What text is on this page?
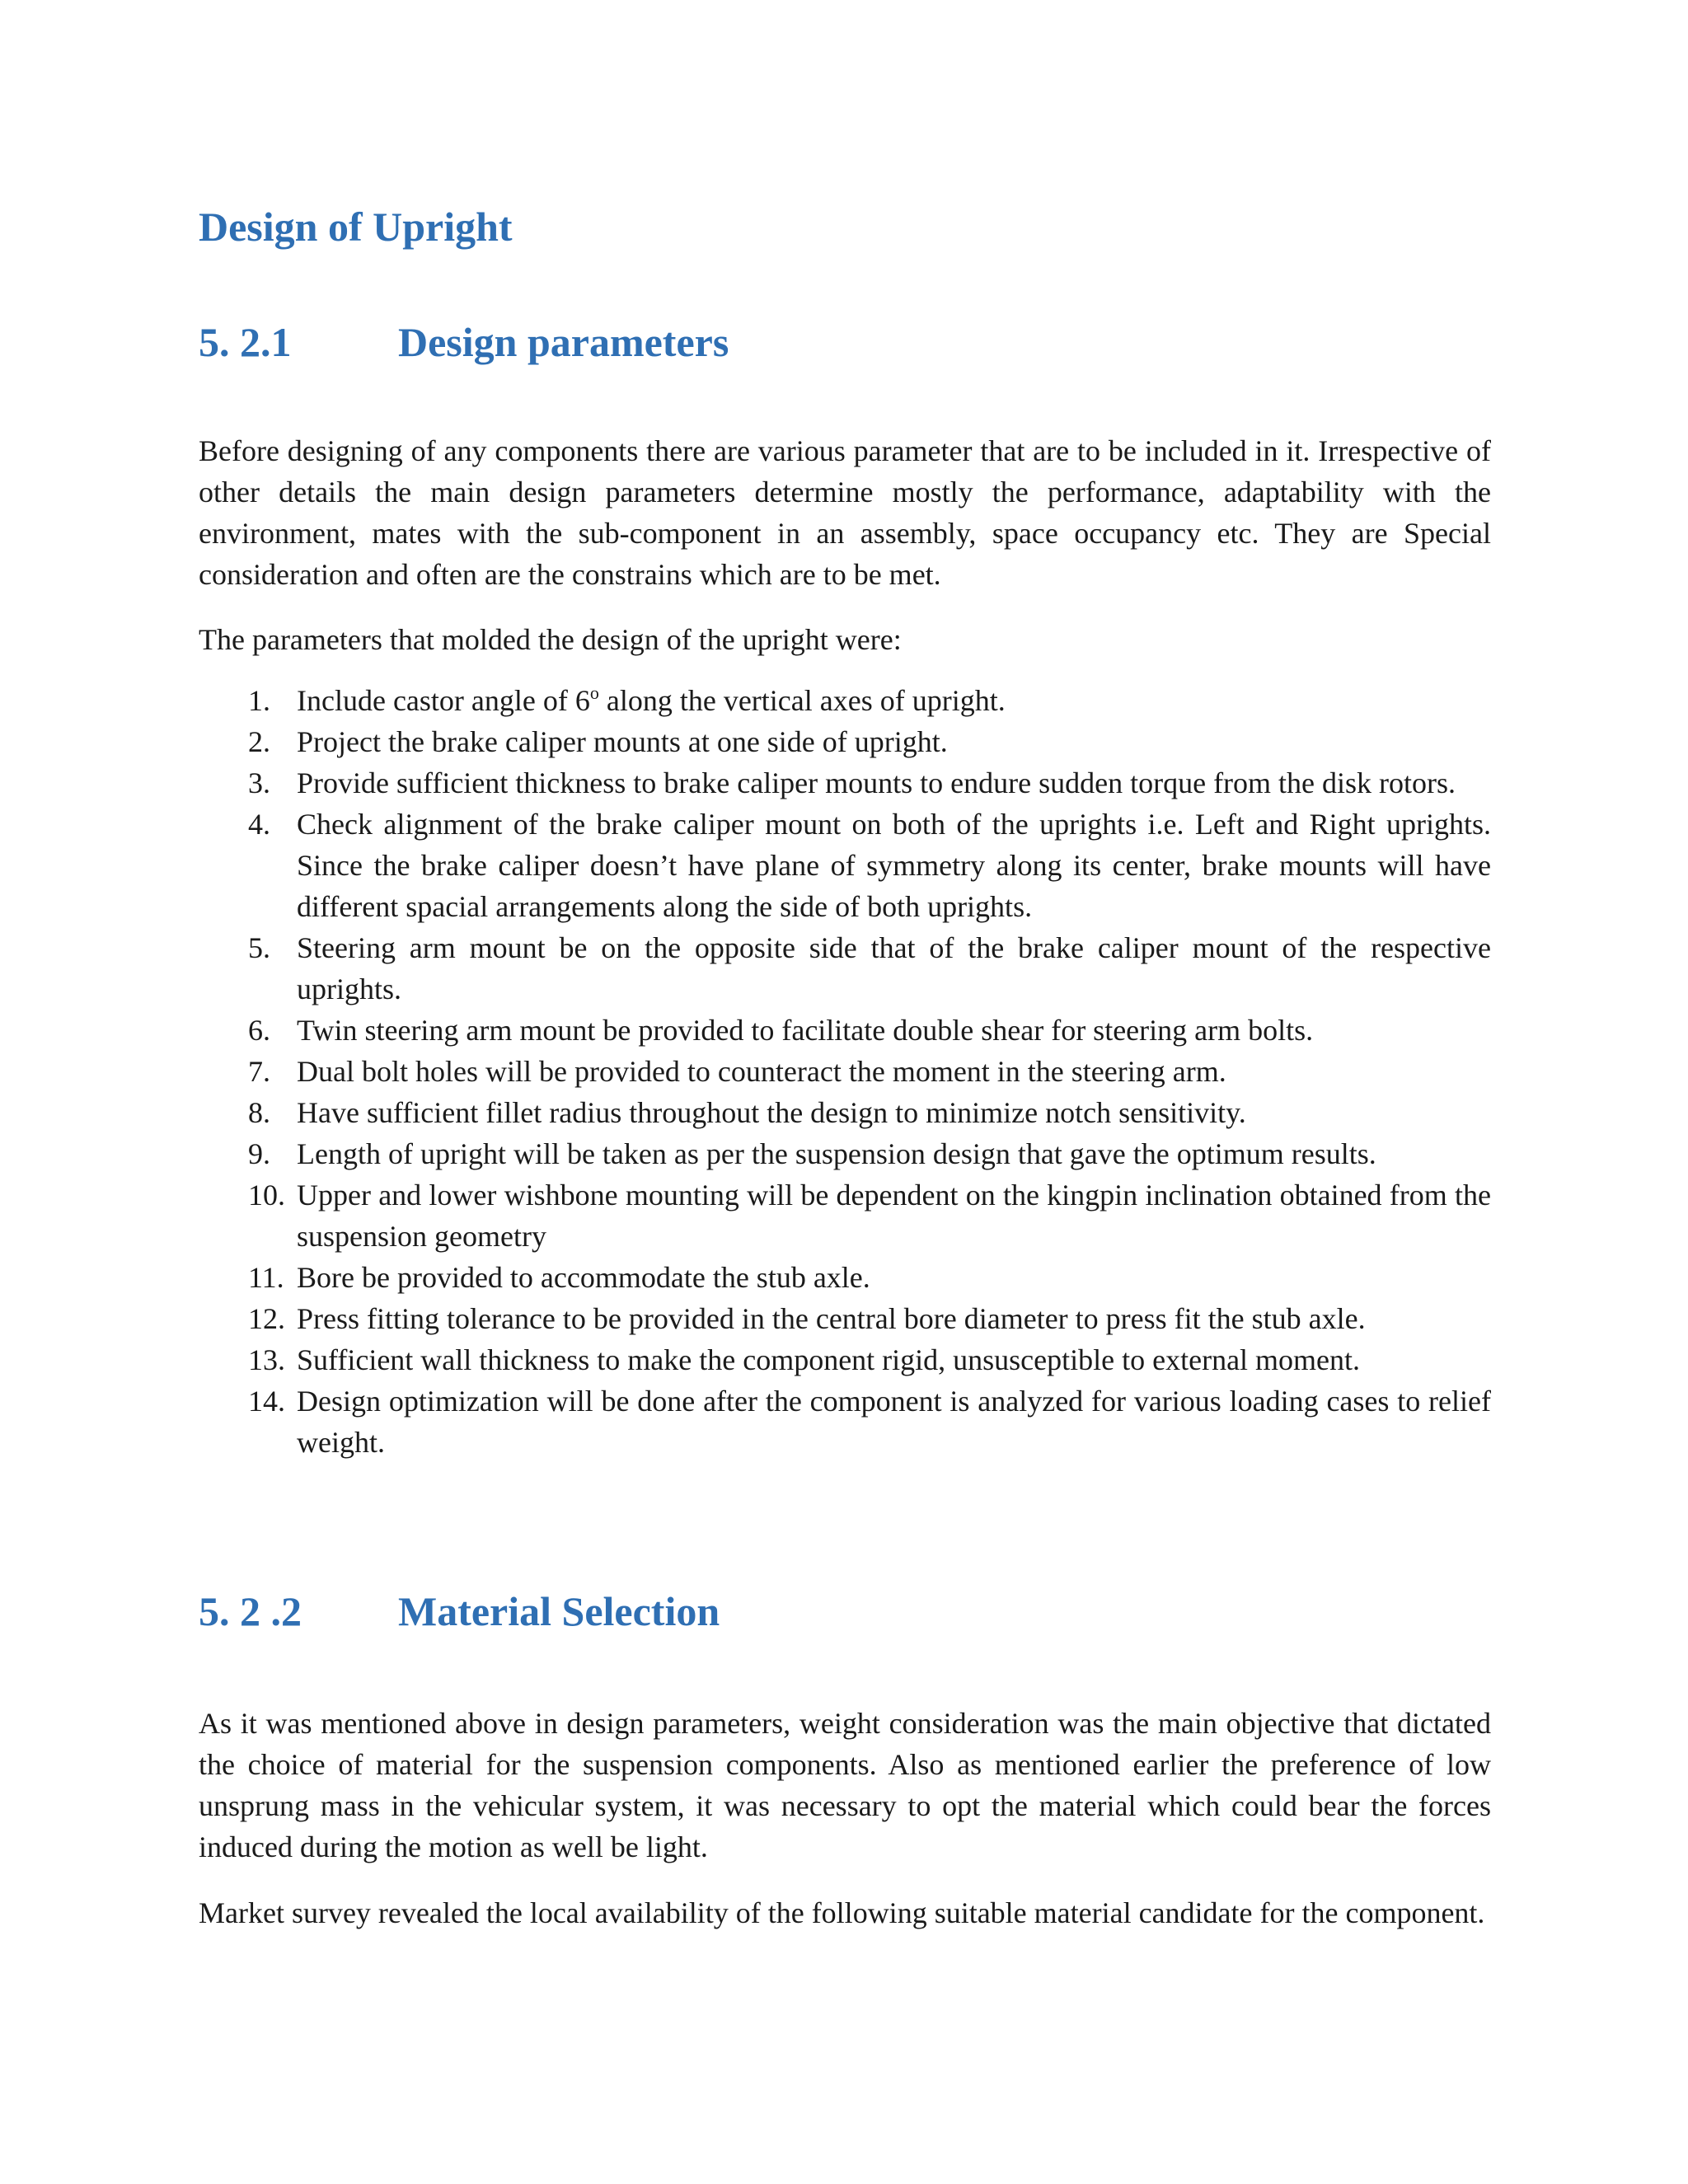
Design of Upright
5. 2.1	Design parameters

Before designing of any components there are various parameter that are to be included in it. Irrespective of other details the main design parameters determine mostly the performance, adaptability with the environment, mates with the sub-component in an assembly, space occupancy etc. They are Special consideration and often are the constrains which are to be met.

The parameters that molded the design of the upright were:

1. Include castor angle of 6$^o$ along the vertical axes of upright.
2. Project the brake caliper mounts at one side of upright.
3. Provide sufficient thickness to brake caliper mounts to endure sudden torque from the disk rotors.
4. Check alignment of the brake caliper mount on both of the uprights i.e. Left and Right uprights. Since the brake caliper doesn’t have plane of symmetry along its center, brake mounts will have different spacial arrangements along the side of both uprights.
5. Steering arm mount be on the opposite side that of the brake caliper mount of the respective uprights.
6. Twin steering arm mount be provided to facilitate double shear for steering arm bolts.
7. Dual bolt holes will be provided to counteract the moment in the steering arm.
8. Have sufficient fillet radius throughout the design to minimize notch sensitivity.
9. Length of upright will be taken as per the suspension design that gave the optimum results.
10. Upper and lower wishbone mounting will be dependent on the kingpin inclination obtained from the suspension geometry
11. Bore be provided to accommodate the stub axle.
12. Press fitting tolerance to be provided in the central bore diameter to press fit the stub axle.
13. Sufficient wall thickness to make the component rigid, unsusceptible to external moment.
14. Design optimization will be done after the component is analyzed for various loading cases to relief weight.
5. 2 .2	Material Selection

As it was mentioned above in design parameters, weight consideration was the main objective that dictated the choice of material for the suspension components. Also as mentioned earlier the preference of low unsprung mass in the vehicular system, it was necessary to opt the material which could bear the forces induced during the motion as well be light.

Market survey revealed the local availability of the following suitable material candidate for the component.
